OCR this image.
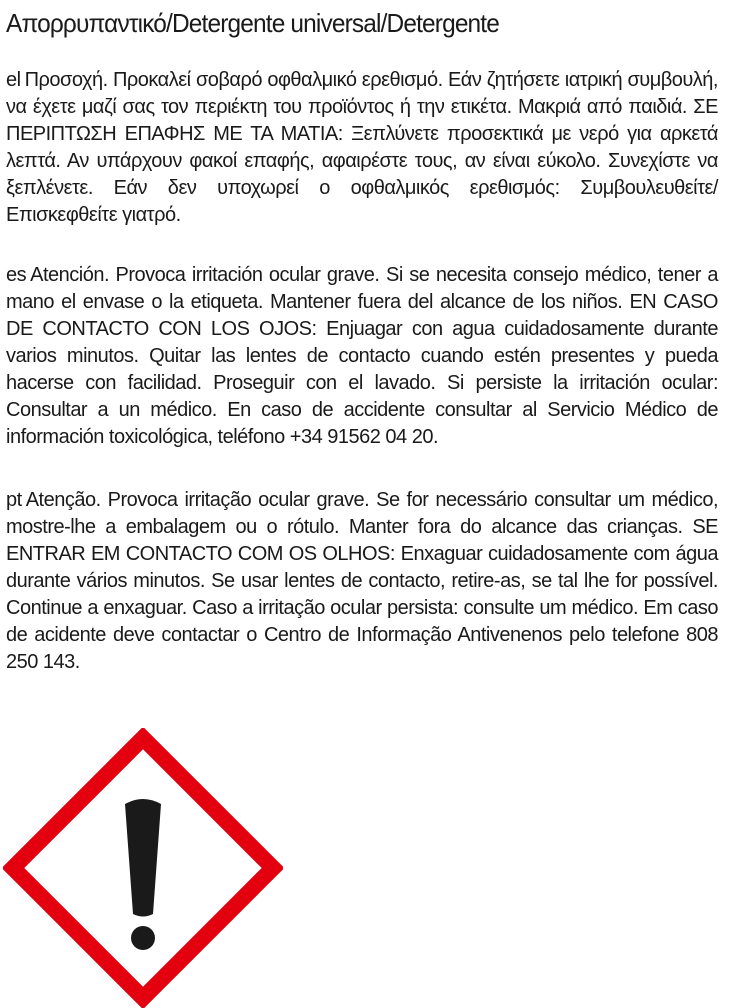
Απορρυπαντικό/Detergente universal/Detergente
el Προσοχή. Προκαλεί σοβαρό οφθαλμικό ερεθισμό. Εάν ζητήσετε ιατρική συμβουλή, να έχετε μαζί σας τον περιέκτη του προϊόντος ή την ετικέτα. Μακριά από παιδιά. ΣΕ ΠΕΡΙΠΤΩΣΗ ΕΠΑΦΗΣ ΜΕ ΤΑ ΜΑΤΙΑ: Ξεπλύνετε προσεκτικά με νερό για αρκετά λεπτά. Αν υπάρχουν φακοί επαφής, αφαιρέστε τους, αν είναι εύκολο. Συνεχίστε να ξεπλένετε. Εάν δεν υποχωρεί ο οφθαλμικός ερεθισμός: Συμβουλευθείτε/ Επισκεφθείτε γιατρό.
es Atención. Provoca irritación ocular grave. Si se necesita consejo médico, tener a mano el envase o la etiqueta. Mantener fuera del alcance de los niños. EN CASO DE CONTACTO CON LOS OJOS: Enjuagar con agua cuidadosamente durante varios minutos. Quitar las lentes de contacto cuando estén presentes y pueda hacerse con facilidad. Proseguir con el lavado. Si persiste la irritación ocular: Consultar a un médico. En caso de accidente consultar al Servicio Médico de información toxicológica, teléfono +34 91562 04 20.
pt Atenção. Provoca irritação ocular grave. Se for necessário consultar um médico, mostre-lhe a embalagem ou o rótulo. Manter fora do alcance das crianças. SE ENTRAR EM CONTACTO COM OS OLHOS: Enxaguar cuidadosamente com água durante vários minutos. Se usar lentes de contacto, retire-as, se tal lhe for possível. Continue a enxaguar. Caso a irritação ocular persista: consulte um médico. Em caso de acidente deve contactar o Centro de Informação Antivenenos pelo telefone 808 250 143.
